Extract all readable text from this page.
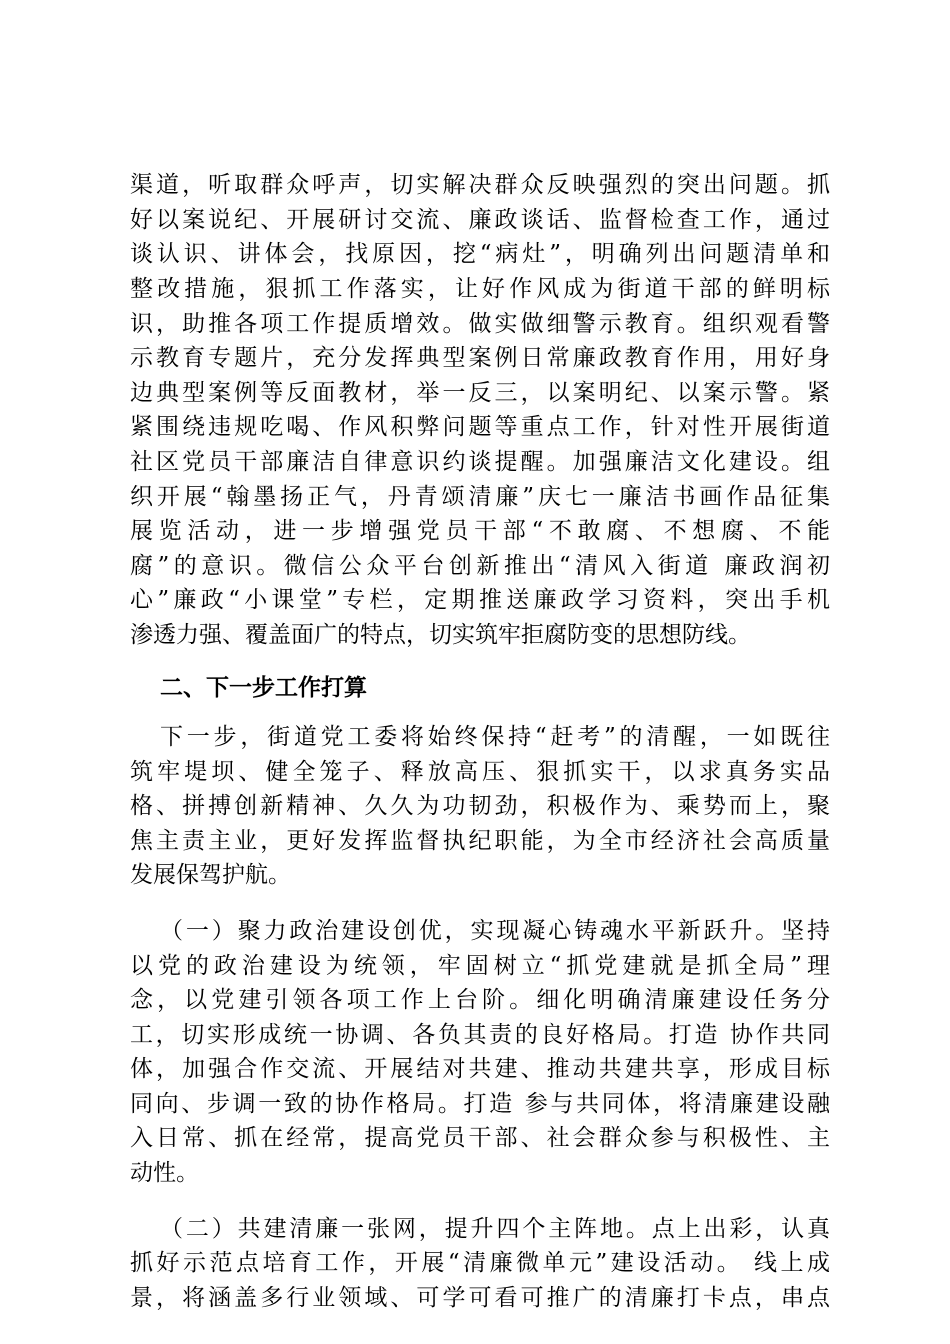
渠道，听取群众呼声，切实解决群众反映强烈的突出问题。抓
好以案说纪、开展研讨交流、廉政谈话、监督检查工作，通过
谈认识、讲体会，找原因，挖“病灶”，明确列出问题清单和
整改措施，狠抓工作落实，让好作风成为街道干部的鲜明标
识，助推各项工作提质增效。做实做细警示教育。组织观看警
示教育专题片，充分发挥典型案例日常廉政教育作用，用好身
边典型案例等反面教材，举一反三，以案明纪、以案示警。紧
紧围绕违规吃喝、作风积弊问题等重点工作，针对性开展街道
社区党员干部廉洁自律意识约谈提醒。加强廉洁文化建设。组
织开展“翰墨扬正气，丹青颂清廉”庆七一廉洁书画作品征集
展览活动，进一步增强党员干部“不敢腐、不想腐、不能
腐”的意识。微信公众平台创新推出“清风入街道 廉政润初
心”廉政“小课堂”专栏，定期推送廉政学习资料，突出手机
渗透力强、覆盖面广的特点，切实筑牢拒腐防变的思想防线。
二、下一步工作打算
下一步，街道党工委将始终保持“赶考”的清醒，一如既往
筑牢堤坝、健全笼子、释放高压、狠抓实干，以求真务实品
格、拼搏创新精神、久久为功韧劲，积极作为、乘势而上，聚
焦主责主业，更好发挥监督执纪职能，为全市经济社会高质量
发展保驾护航。
（一）聚力政治建设创优，实现凝心铸魂水平新跃升。坚持
以党的政治建设为统领，牢固树立“抓党建就是抓全局”理
念，以党建引领各项工作上台阶。细化明确清廉建设任务分
工，切实形成统一协调、各负其责的良好格局。打造 协作共同
体，加强合作交流、开展结对共建、推动共建共享，形成目标
同向、步调一致的协作格局。打造 参与共同体，将清廉建设融
入日常、抓在经常，提高党员干部、社会群众参与积极性、主
动性。
（二）共建清廉一张网，提升四个主阵地。点上出彩，认真
抓好示范点培育工作，开展“清廉微单元”建设活动。 线上成
景，将涵盖多行业领域、可学可看可推广的清廉打卡点，串点
